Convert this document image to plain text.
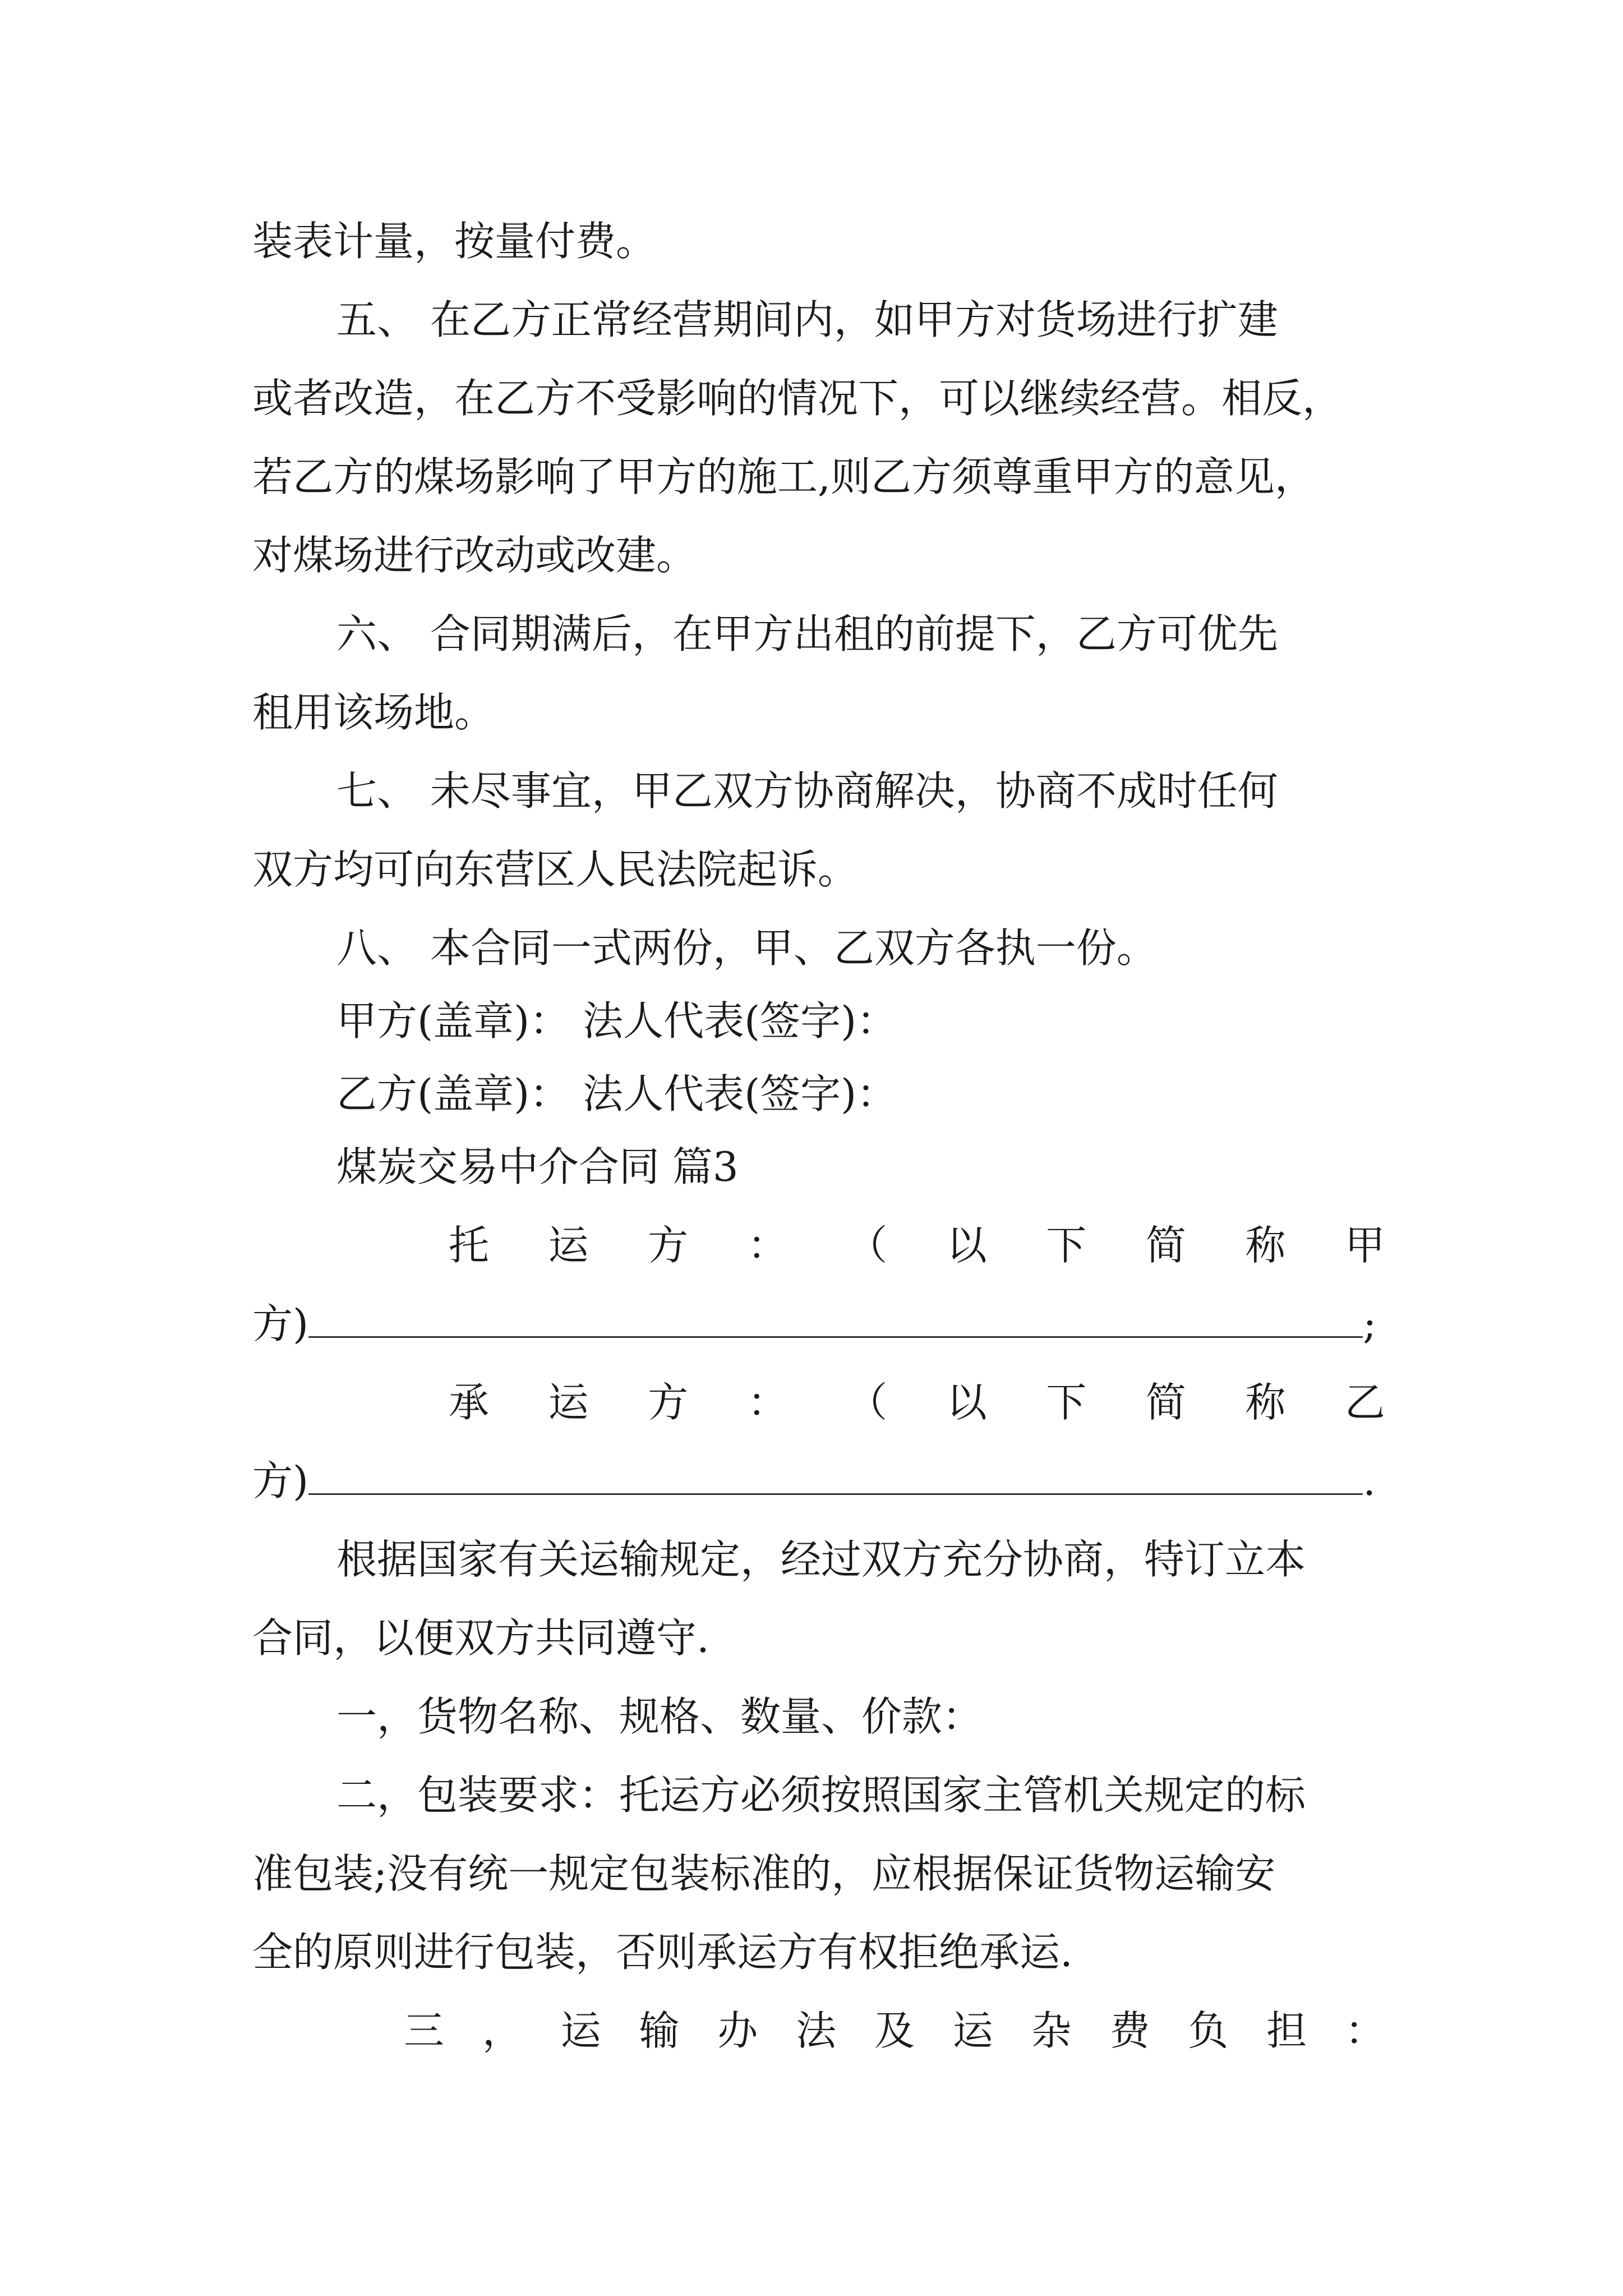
装表计量，按量付费。
五、 在乙方正常经营期间内，如甲方对货场进行扩建
或者改造，在乙方不受影响的情况下，可以继续经营。相反，
若乙方的煤场影响了甲方的施工,则乙方须尊重甲方的意见，
对煤场进行改动或改建。
六、 合同期满后，在甲方出租的前提下，乙方可优先
租用该场地。
七、 未尽事宜，甲乙双方协商解决，协商不成时任何
双方均可向东营区人民法院起诉。
八、 本合同一式两份，甲、乙双方各执一份。
甲方(盖章)： 法人代表(签字)：
乙方(盖章)： 法人代表(签字)：
煤炭交易中介合同 篇3
托 运 方 ： （ 以 下 简 称 甲
方)	;
承 运 方 ： （ 以 下 简 称 乙
方)	.
根据国家有关运输规定，经过双方充分协商，特订立本
合同，以便双方共同遵守.
一，货物名称、规格、数量、价款：
二，包装要求：托运方必须按照国家主管机关规定的标
准包装;没有统一规定包装标准的，应根据保证货物运输安
全的原则进行包装，否则承运方有权拒绝承运.
三 ， 运 输 办 法 及 运 杂 费 负 担 ：
